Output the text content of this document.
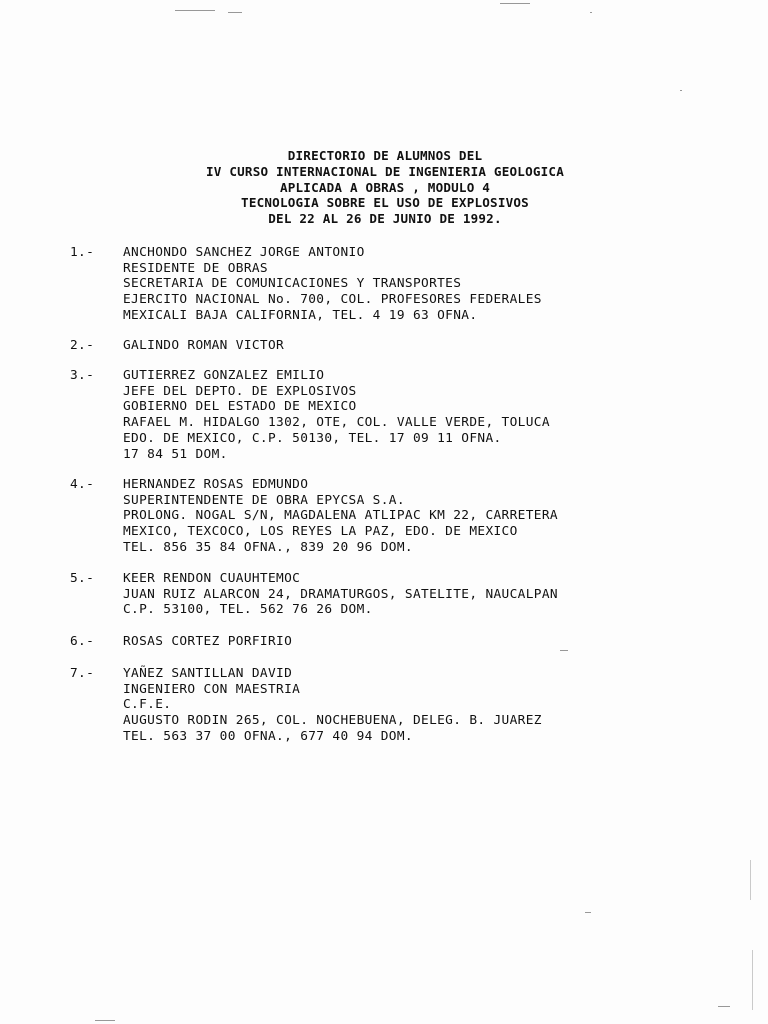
DIRECTORIO DE ALUMNOS DEL
IV CURSO INTERNACIONAL DE INGENIERIA GEOLOGICA
APLICADA A OBRAS , MODULO 4
TECNOLOGIA SOBRE EL USO DE EXPLOSIVOS
DEL 22 AL 26 DE JUNIO DE 1992.
1.-	ANCHONDO SANCHEZ JORGE ANTONIO
RESIDENTE DE OBRAS
SECRETARIA DE COMUNICACIONES Y TRANSPORTES
EJERCITO NACIONAL No. 700, COL. PROFESORES FEDERALES
MEXICALI BAJA CALIFORNIA, TEL. 4 19 63 OFNA.
2.-	GALINDO ROMAN VICTOR
3.-	GUTIERREZ GONZALEZ EMILIO
JEFE DEL DEPTO. DE EXPLOSIVOS
GOBIERNO DEL ESTADO DE MEXICO
RAFAEL M. HIDALGO 1302, OTE, COL. VALLE VERDE, TOLUCA
EDO. DE MEXICO, C.P. 50130, TEL. 17 09 11 OFNA.
17 84 51 DOM.
4.-	HERNANDEZ ROSAS EDMUNDO
SUPERINTENDENTE DE OBRA EPYCSA S.A.
PROLONG. NOGAL S/N, MAGDALENA ATLIPAC KM 22, CARRETERA
MEXICO, TEXCOCO, LOS REYES LA PAZ, EDO. DE MEXICO
TEL. 856 35 84 OFNA., 839 20 96 DOM.
5.-	KEER RENDON CUAUHTEMOC
JUAN RUIZ ALARCON 24, DRAMATURGOS, SATELITE, NAUCALPAN
C.P. 53100, TEL. 562 76 26 DOM.
6.-	ROSAS CORTEZ PORFIRIO
7.-	YAÑEZ SANTILLAN DAVID
INGENIERO CON MAESTRIA
C.F.E.
AUGUSTO RODIN 265, COL. NOCHEBUENA, DELEG. B. JUAREZ
TEL. 563 37 00 OFNA., 677 40 94 DOM.
